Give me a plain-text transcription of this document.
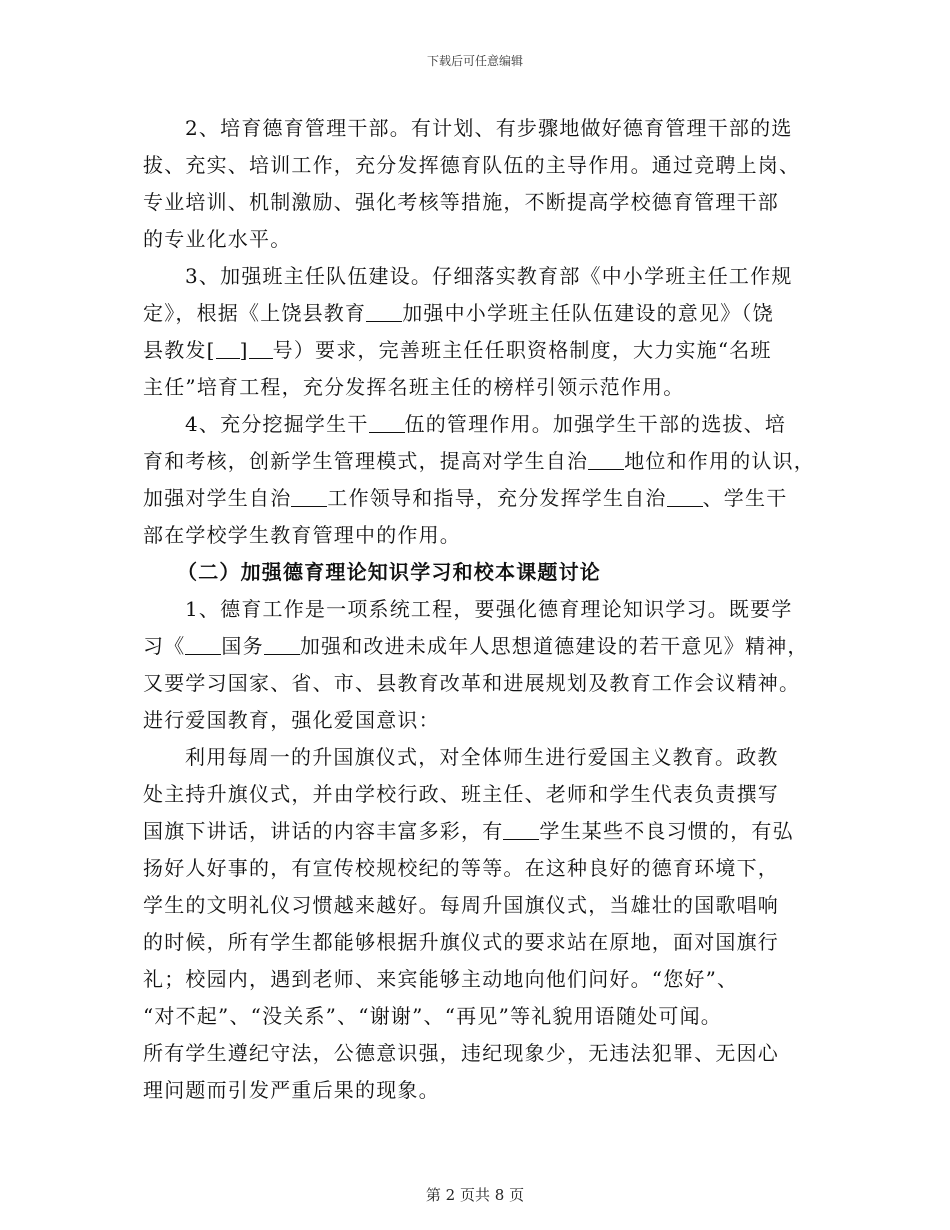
下载后可任意编辑
2、培育德育管理干部。有计划、有步骤地做好德育管理干部的选
拔、充实、培训工作，充分发挥德育队伍的主导作用。通过竞聘上岗、
专业培训、机制激励、强化考核等措施，不断提高学校德育管理干部
的专业化水平。
3、加强班主任队伍建设。仔细落实教育部《中小学班主任工作规
定》，根据《上饶县教育 加强中小学班主任队伍建设的意见》（饶
县教发[ ] 号）要求，完善班主任任职资格制度，大力实施“名班
主任”培育工程，充分发挥名班主任的榜样引领示范作用。
4、充分挖掘学生干 伍的管理作用。加强学生干部的选拔、培
育和考核，创新学生管理模式，提高对学生自治 地位和作用的认识，
加强对学生自治 工作领导和指导，充分发挥学生自治 、学生干
部在学校学生教育管理中的作用。
（二）加强德育理论知识学习和校本课题讨论
1、德育工作是一项系统工程，要强化德育理论知识学习。既要学
习《 国务 加强和改进未成年人思想道德建设的若干意见》精神，
又要学习国家、省、市、县教育改革和进展规划及教育工作会议精神。
进行爱国教育，强化爱国意识：
利用每周一的升国旗仪式，对全体师生进行爱国主义教育。政教
处主持升旗仪式，并由学校行政、班主任、老师和学生代表负责撰写
国旗下讲话，讲话的内容丰富多彩，有 学生某些不良习惯的，有弘
扬好人好事的，有宣传校规校纪的等等。在这种良好的德育环境下，
学生的文明礼仪习惯越来越好。每周升国旗仪式，当雄壮的国歌唱响
的时候，所有学生都能够根据升旗仪式的要求站在原地，面对国旗行
礼；校园内，遇到老师、来宾能够主动地向他们问好。“您好”、
“对不起”、“没关系”、“谢谢”、“再见”等礼貌用语随处可闻。
所有学生遵纪守法，公德意识强，违纪现象少，无违法犯罪、无因心
理问题而引发严重后果的现象。
第 2 页共 8 页
